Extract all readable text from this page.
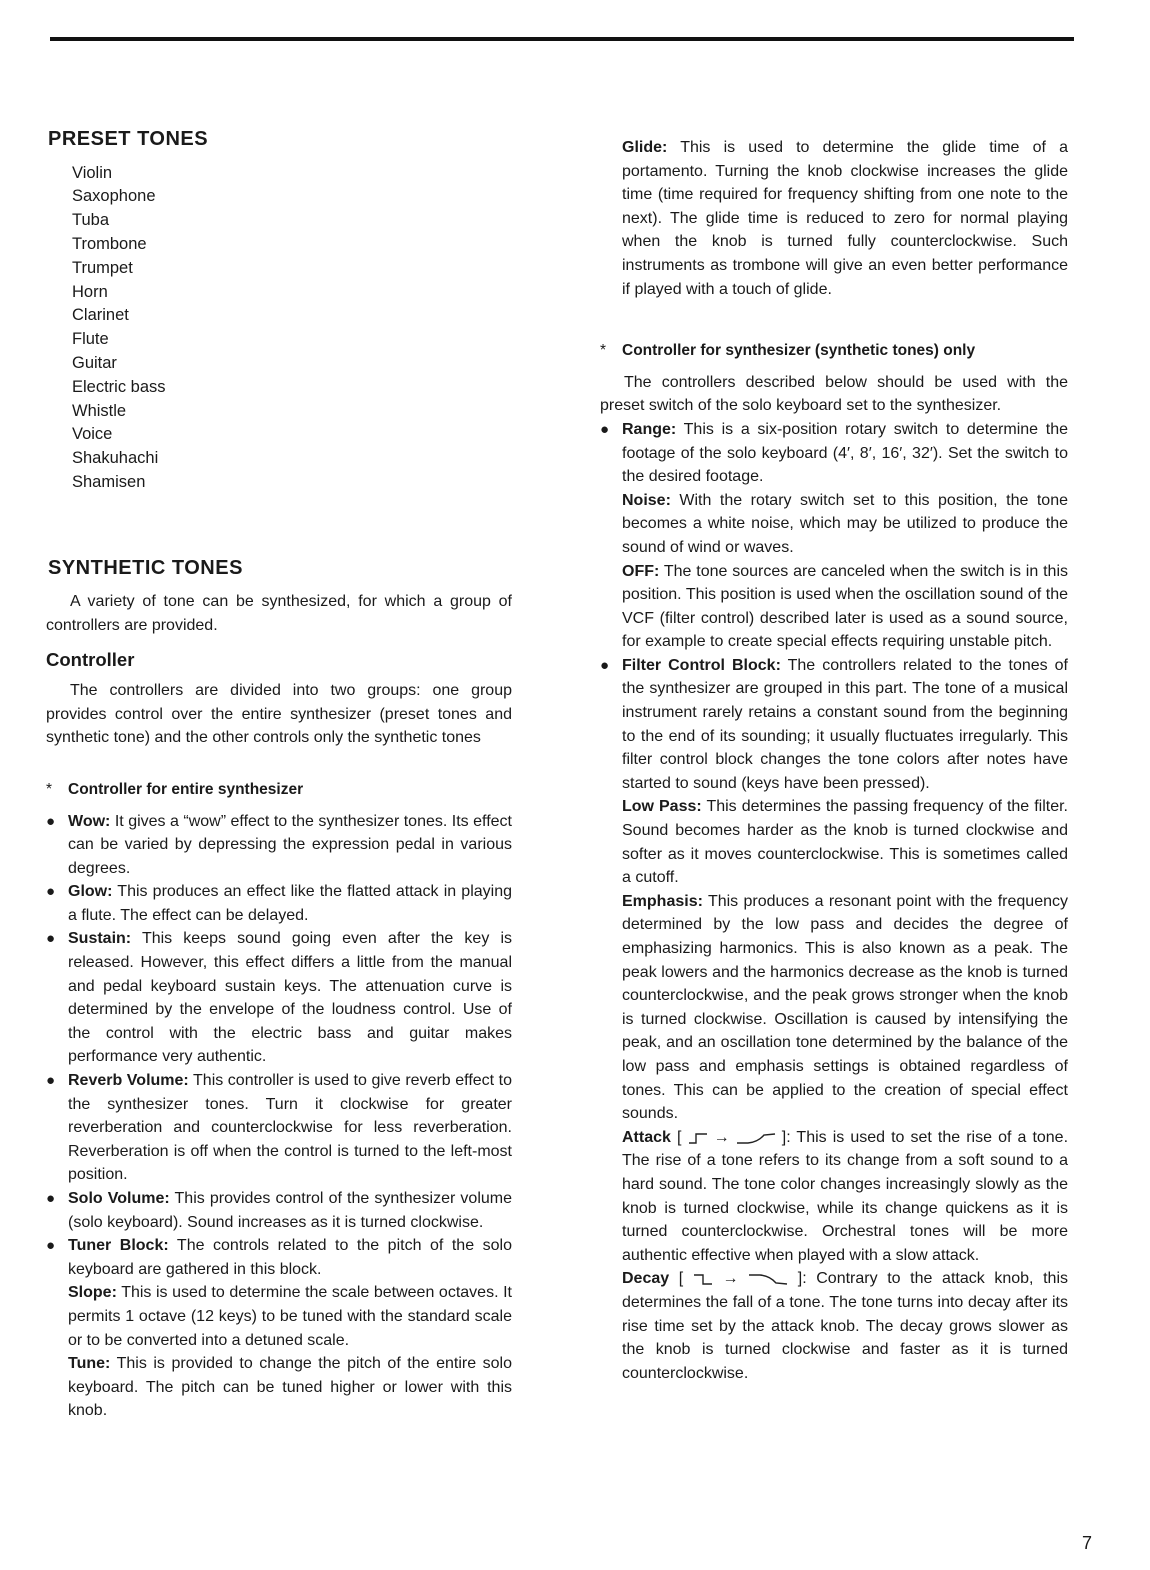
PRESET TONES
Violin
Saxophone
Tuba
Trombone
Trumpet
Horn
Clarinet
Flute
Guitar
Electric bass
Whistle
Voice
Shakuhachi
Shamisen
SYNTHETIC TONES

A variety of tone can be synthesized, for which a group of controllers are provided.

Controller

The controllers are divided into two groups: one group provides control over the entire synthesizer (preset tones and synthetic tone) and the other controls only the synthetic tones

*	Controller for entire synthesizer
● Wow: It gives a “wow” effect to the synthesizer tones. Its effect can be varied by depressing the expression pedal in various degrees.
● Glow: This produces an effect like the flatted attack in playing a flute. The effect can be delayed.
● Sustain: This keeps sound going even after the key is released. However, this effect differs a little from the manual and pedal keyboard sustain keys. The attenuation curve is determined by the envelope of the loudness control. Use of the control with the electric bass and guitar makes performance very authentic.
● Reverb Volume: This controller is used to give reverb effect to the synthesizer tones. Turn it clockwise for greater reverberation and counterclockwise for less reverberation. Reverberation is off when the control is turned to the left-most position.
● Solo Volume: This provides control of the synthesizer volume (solo keyboard). Sound increases as it is turned clockwise.
● Tuner Block: The controls related to the pitch of the solo keyboard are gathered in this block.

Slope: This is used to determine the scale between octaves. It permits 1 octave (12 keys) to be tuned with the standard scale or to be converted into a detuned scale.

Tune: This is provided to change the pitch of the entire solo keyboard. The pitch can be tuned higher or lower with this knob.

Glide: This is used to determine the glide time of a portamento. Turning the knob clockwise increases the glide time (time required for frequency shifting from one note to the next). The glide time is reduced to zero for normal playing when the knob is turned fully counterclockwise. Such instruments as trombone will give an even better performance if played with a touch of glide.

*	Controller for synthesizer (synthetic tones) only

The controllers described below should be used with the preset switch of the solo keyboard set to the synthesizer.

● Range: This is a six-position rotary switch to determine the footage of the solo keyboard (4′, 8′, 16′, 32′). Set the switch to the desired footage.

Noise: With the rotary switch set to this position, the tone becomes a white noise, which may be utilized to produce the sound of wind or waves.

OFF: The tone sources are canceled when the switch is in this position. This position is used when the oscillation sound of the VCF (filter control) described later is used as a sound source, for example to create special effects requiring unstable pitch.

● Filter Control Block: The controllers related to the tones of the synthesizer are grouped in this part. The tone of a musical instrument rarely retains a constant sound from the beginning to the end of its sounding; it usually fluctuates irregularly. This filter control block changes the tone colors after notes have started to sound (keys have been pressed).

Low Pass: This determines the passing frequency of the filter. Sound becomes harder as the knob is turned clockwise and softer as it moves counterclockwise. This is sometimes called a cutoff.

Emphasis: This produces a resonant point with the frequency determined by the low pass and decides the degree of emphasizing harmonics. This is also known as a peak. The peak lowers and the harmonics decrease as the knob is turned counterclockwise, and the peak grows stronger when the knob is turned clockwise. Oscillation is caused by intensifying the peak, and an oscillation tone determined by the balance of the low pass and emphasis settings is obtained regardless of tones. This can be applied to the creation of special effect sounds.

Attack [ →	]: This is used to set the rise of a tone. The rise of a tone refers to its change from a soft sound to a hard sound. The tone color changes increasingly slowly as the knob is turned clockwise, while its change quickens as it is turned counterclockwise. Orchestral tones will be more authentic effective when played with a slow attack.

Decay [ →	]: Contrary to the attack knob, this determines the fall of a tone. The tone turns into decay after its rise time set by the attack knob. The decay grows slower as the knob is turned clockwise and faster as it is turned counterclockwise.

7
